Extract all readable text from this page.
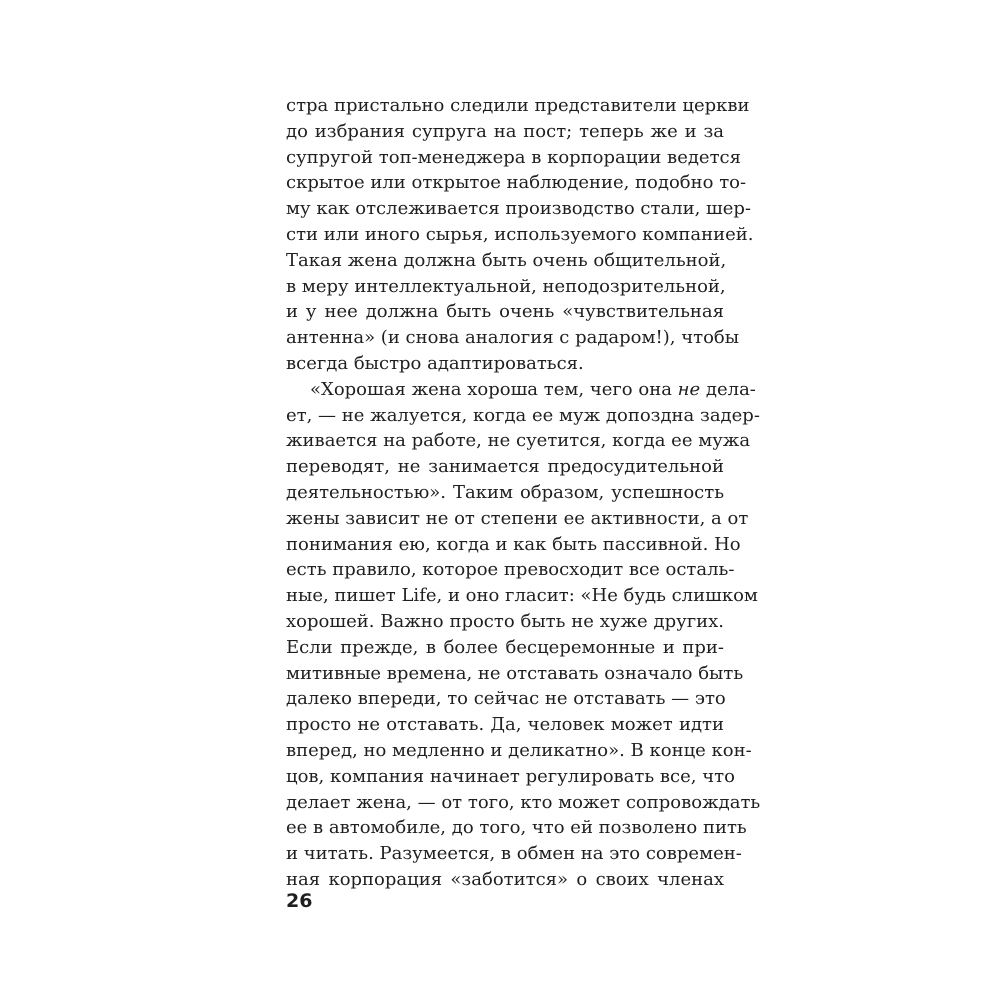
стра пристально следили представители церкви
до избрания супруга на пост; теперь же и за
супругой топ-менеджера в корпорации ведется
скрытое или открытое наблюдение, подобно то-
му как отслеживается производство стали, шер-
сти или иного сырья, используемого компанией.
Такая жена должна быть очень общительной,
в меру интеллектуальной, неподозрительной,
и у нее должна быть очень «чувствительная
антенна» (и снова аналогия с радаром!), чтобы
всегда быстро адаптироваться.
«Хорошая жена хороша тем, чего она не дела-
ет, — не жалуется, когда ее муж допоздна задер-
живается на работе, не суетится, когда ее мужа
переводят, не занимается предосудительной
деятельностью». Таким образом, успешность
жены зависит не от степени ее активности, а от
понимания ею, когда и как быть пассивной. Но
есть правило, которое превосходит все осталь-
ные, пишет Life, и оно гласит: «Не будь слишком
хорошей. Важно просто быть не хуже других.
Если прежде, в более бесцеремонные и при-
митивные времена, не отставать означало быть
далеко впереди, то сейчас не отставать — это
просто не отставать. Да, человек может идти
вперед, но медленно и деликатно». В конце кон-
цов, компания начинает регулировать все, что
делает жена, — от того, кто может сопровождать
ее в автомобиле, до того, что ей позволено пить
и читать. Разумеется, в обмен на это современ-
ная корпорация «заботится» о своих членах
26
